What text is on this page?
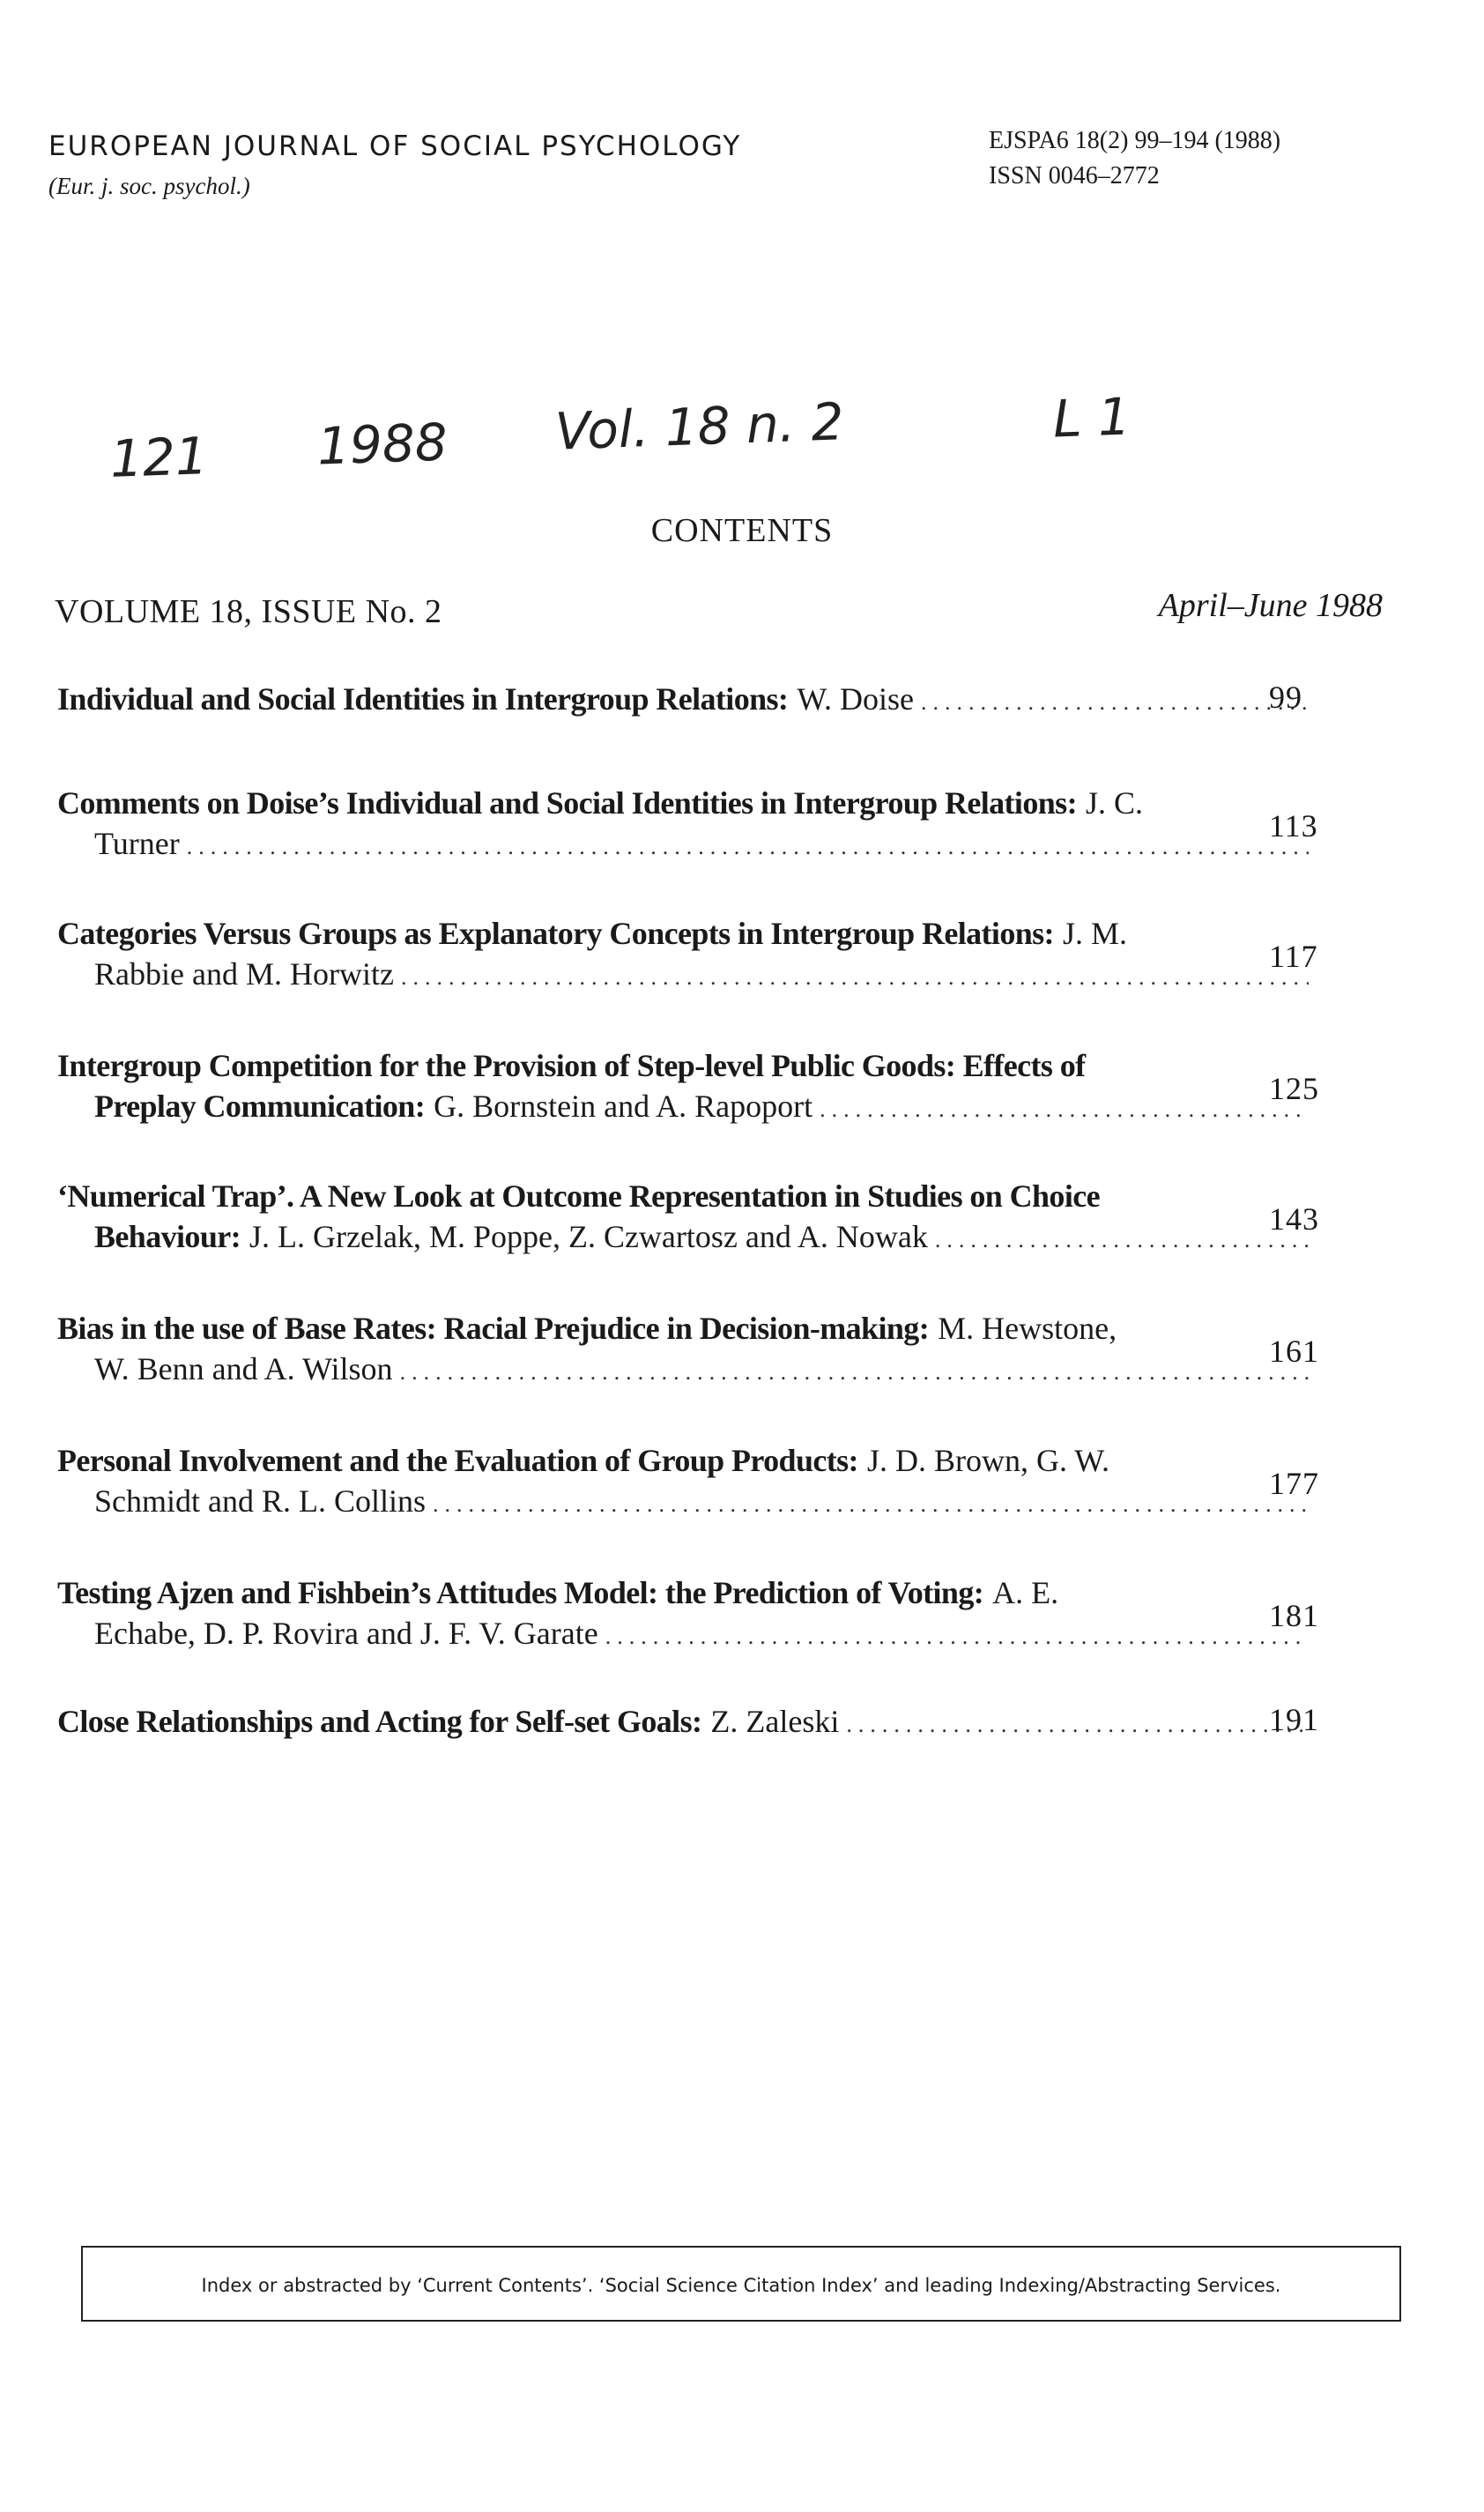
EUROPEAN JOURNAL OF SOCIAL PSYCHOLOGY
(Eur. j. soc. psychol.)
EJSPA6 18(2) 99–194 (1988)
ISSN 0046–2772
121 1988 Vol. 18 n. 2	L 1
CONTENTS
VOLUME 18, ISSUE No. 2	April–June 1988
Individual and Social Identities in Intergroup Relations: W. Doise .....	99
Comments on Doise’s Individual and Social Identities in Intergroup Relations: J. C.
Turner
.....	113
Categories Versus Groups as Explanatory Concepts in Intergroup Relations: J. M.
Rabbie and M. Horwitz
.....	117
Intergroup Competition for the Provision of Step-level Public Goods: Effects of
Preplay Communication: G. Bornstein and A. Rapoport
.....	125
‘Numerical Trap’. A New Look at Outcome Representation in Studies on Choice
Behaviour: J. L. Grzelak, M. Poppe, Z. Czwartosz and A. Nowak
.....	143
Bias in the use of Base Rates: Racial Prejudice in Decision-making: M. Hewstone,
W. Benn and A. Wilson
.....	161
Personal Involvement and the Evaluation of Group Products: J. D. Brown, G. W.
Schmidt and R. L. Collins
.....	177
Testing Ajzen and Fishbein’s Attitudes Model: the Prediction of Voting: A. E.
Echabe, D. P. Rovira and J. F. V. Garate
.....	181
Close Relationships and Acting for Self-set Goals: Z. Zaleski .....	191
Index or abstracted by ‘Current Contents’. ‘Social Science Citation Index’ and leading Indexing/Abstracting Services.
